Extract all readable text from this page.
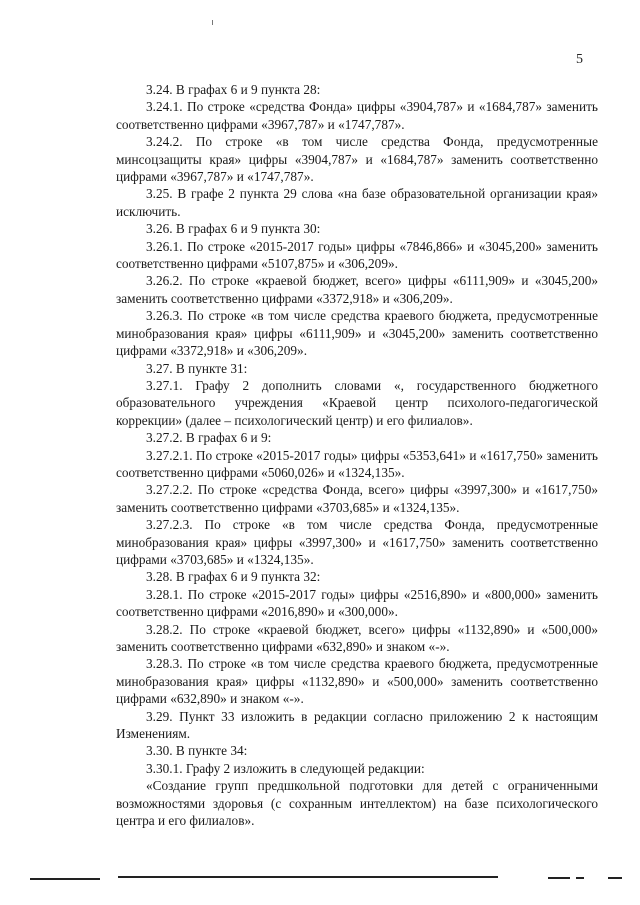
5

3.24. В графах 6 и 9 пункта 28:

3.24.1. По строке «средства Фонда» цифры «3904,787» и «1684,787» заменить соответственно цифрами «3967,787» и «1747,787».

3.24.2. По строке «в том числе средства Фонда, предусмотренные минсоцзащиты края» цифры «3904,787» и «1684,787» заменить соответственно цифрами «3967,787» и «1747,787».

3.25. В графе 2 пункта 29 слова «на базе образовательной организации края» исключить.

3.26. В графах 6 и 9 пункта 30:

3.26.1. По строке «2015-2017 годы» цифры «7846,866» и «3045,200» заменить соответственно цифрами «5107,875» и «306,209».

3.26.2. По строке «краевой бюджет, всего» цифры «6111,909» и «3045,200» заменить соответственно цифрами «3372,918» и «306,209».

3.26.3. По строке «в том числе средства краевого бюджета, предусмотренные минобразования края» цифры «6111,909» и «3045,200» заменить соответственно цифрами «3372,918» и «306,209».

3.27. В пункте 31:

3.27.1. Графу 2 дополнить словами «, государственного бюджетного образовательного учреждения «Краевой центр психолого-педагогической коррекции» (далее – психологический центр) и его филиалов».

3.27.2. В графах 6 и 9:

3.27.2.1. По строке «2015-2017 годы» цифры «5353,641» и «1617,750» заменить соответственно цифрами «5060,026» и «1324,135».

3.27.2.2. По строке «средства Фонда, всего» цифры «3997,300» и «1617,750» заменить соответственно цифрами «3703,685» и «1324,135».

3.27.2.3. По строке «в том числе средства Фонда, предусмотренные минобразования края» цифры «3997,300» и «1617,750» заменить соответственно цифрами «3703,685» и «1324,135».

3.28. В графах 6 и 9 пункта 32:

3.28.1. По строке «2015-2017 годы» цифры «2516,890» и «800,000» заменить соответственно цифрами «2016,890» и «300,000».

3.28.2. По строке «краевой бюджет, всего» цифры «1132,890» и «500,000» заменить соответственно цифрами «632,890» и знаком «-».

3.28.3. По строке «в том числе средства краевого бюджета, предусмотренные минобразования края» цифры «1132,890» и «500,000» заменить соответственно цифрами «632,890» и знаком «-».

3.29. Пункт 33 изложить в редакции согласно приложению 2 к настоящим Изменениям.

3.30. В пункте 34:

3.30.1. Графу 2 изложить в следующей редакции:

«Создание групп предшкольной подготовки для детей с ограниченными возможностями здоровья (с сохранным интеллектом) на базе психологического центра и его филиалов».
